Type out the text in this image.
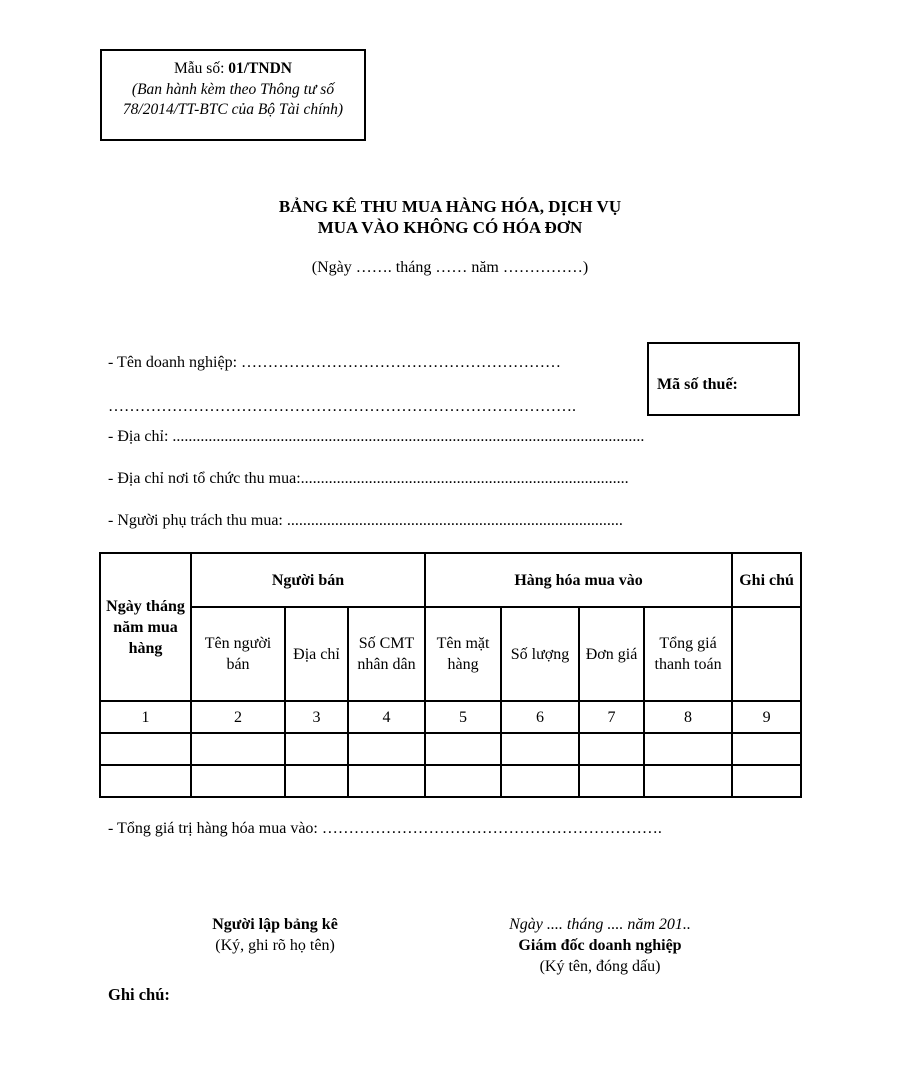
Mẫu số: 01/TNDN
(Ban hành kèm theo Thông tư số 78/2014/TT-BTC của Bộ Tài chính)
BẢNG KÊ THU MUA HÀNG HÓA, DỊCH VỤ
MUA VÀO KHÔNG CÓ HÓA ĐƠN
(Ngày ……. tháng …… năm ……………)
- Tên doanh nghiệp: ……………………………………………………
…………………………………………………………………………….
Mã số thuế:
- Địa chỉ: ......................................................................................................................
- Địa chỉ nơi tổ chức thu mua:..................................................................................
- Người phụ trách thu mua: ....................................................................................
Ngày tháng năm mua hàng	Người bán			Hàng hóa mua vào				Ghi chú
	Tên người bán	Địa chỉ	Số CMT nhân dân	Tên mặt hàng	Số lượng	Đơn giá	Tổng giá thanh toán	
1	2	3	4	5	6	7	8	9

- Tổng giá trị hàng hóa mua vào: ……………………………………………………….
Người lập bảng kê
(Ký, ghi rõ họ tên)
Ngày .... tháng .... năm 201..
Giám đốc doanh nghiệp
(Ký tên, đóng dấu)
Ghi chú:
